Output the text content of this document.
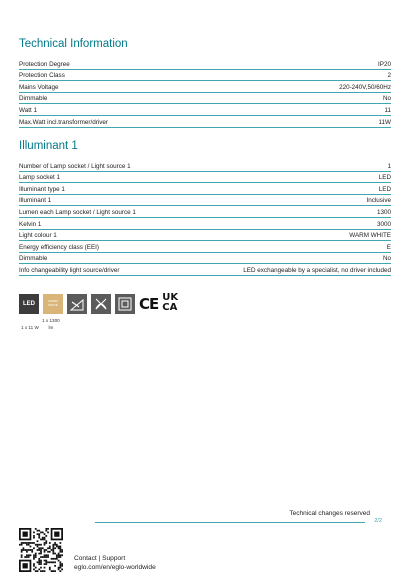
Technical Information
Protection Degree	IP20
Protection Class	2
Mains Voltage	220-240V,50/60Hz
Dimmable	No
Watt 1	11
Max.Watt incl.transformer/driver	11W
Illuminant 1
Number of Lamp socket / Light source 1	1
Lamp socket 1	LED
Illuminant type 1	LED
Illuminant 1	Inclusive
Lumen each Lamp socket / Light source 1	1300
Kelvin 1	3000
Light colour 1	WARM WHITE
Energy efficiency class (EEI)	E
Dimmable	No
Info changeability light source/driver	LED exchangeable by a specialist, no driver included
LED	WARM
WHITE	CE UK
CA
1 x 11 W 1 x 1300

lm
Technical changes reserved
2/2
Contact | Support
eglo.com/en/eglo-worldwide
